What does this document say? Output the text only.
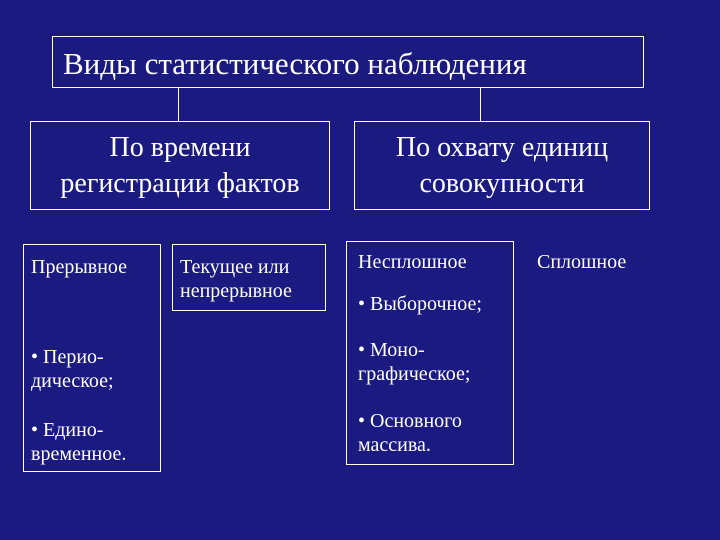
Виды статистического наблюдения
По времени
регистрации фактов
По охвату единиц
совокупности
Прерывное
• Перио-
дическое;
• Едино-
временное.
Текущее или
непрерывное
Несплошное
• Выборочное;
• Моно-
графическое;
• Основного
массива.
Сплошное
